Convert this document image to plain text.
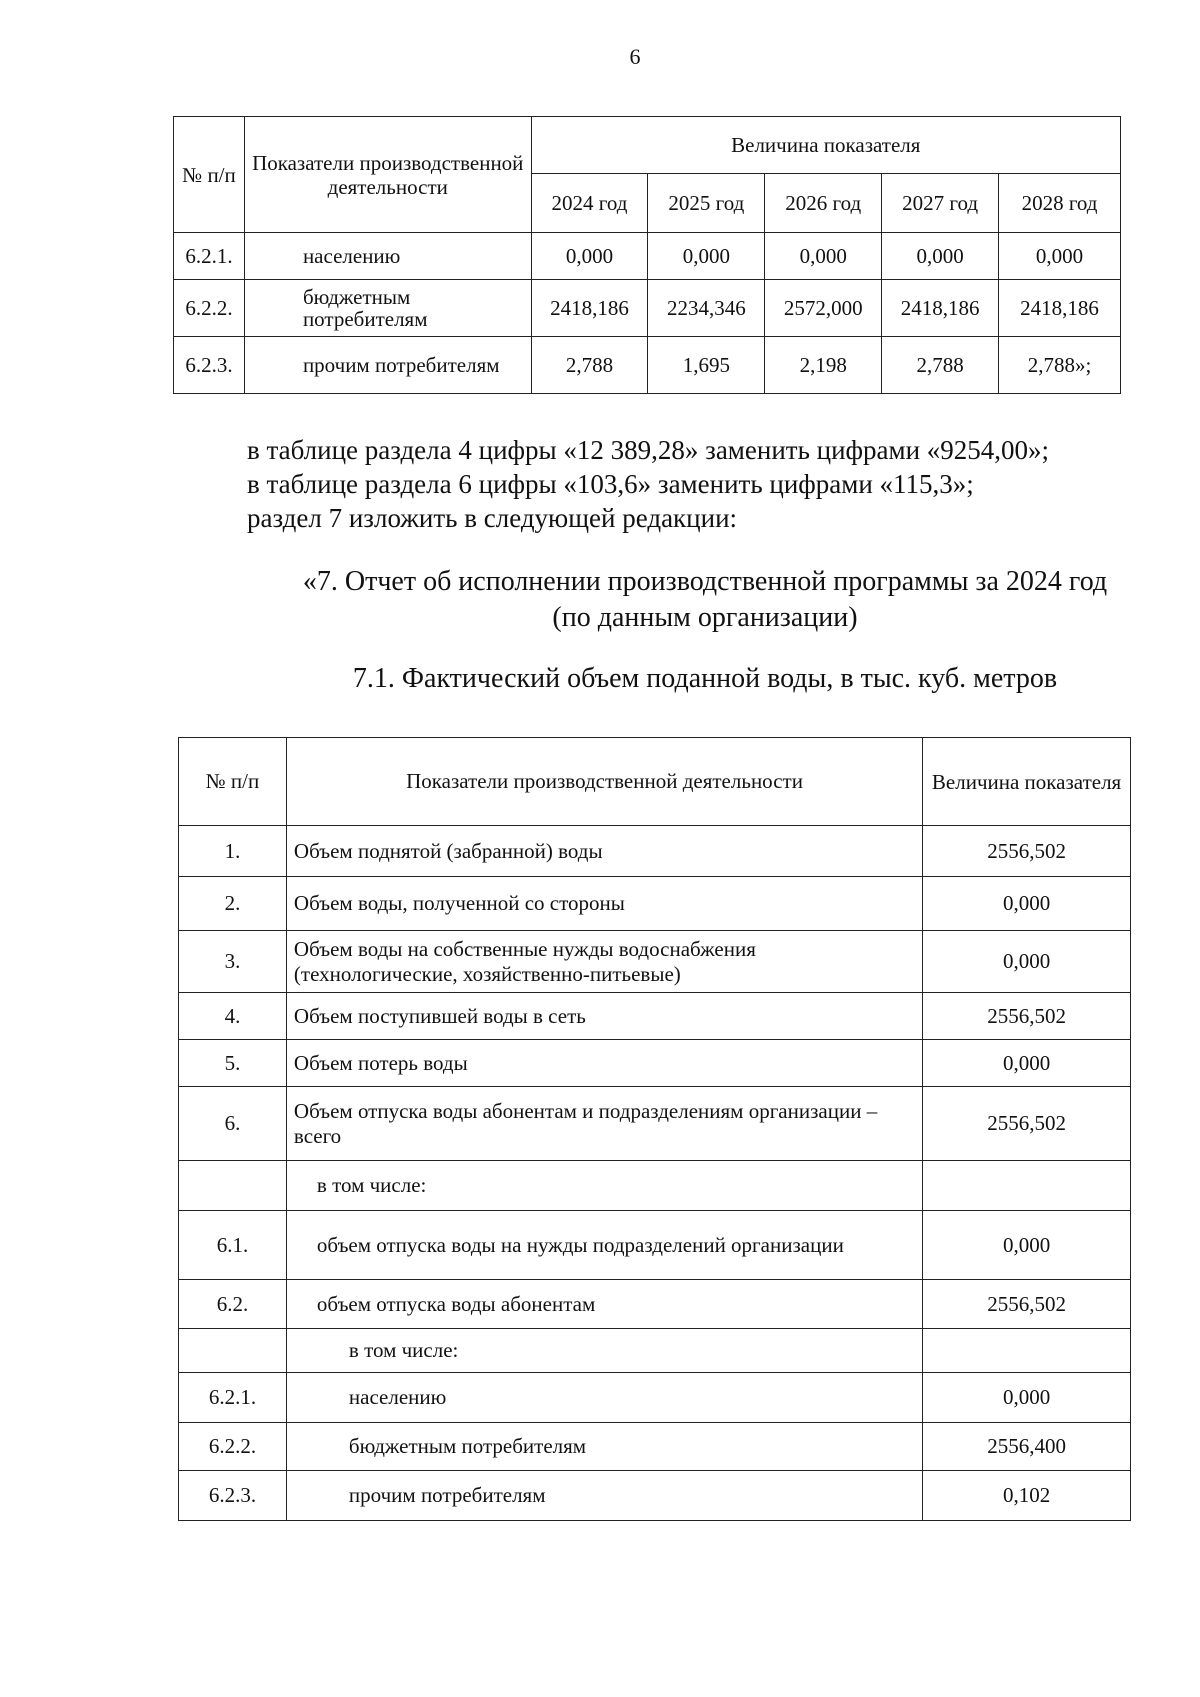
6
№ п/п	Показатели производственной деятельности	Величина показателя				
		2024 год	2025 год	2026 год	2027 год	2028 год
6.2.1.	населению	0,000	0,000	0,000	0,000	0,000
6.2.2.	бюджетным потребителям	2418,186	2234,346	2572,000	2418,186	2418,186
6.2.3.	прочим потребителям	2,788	1,695	2,198	2,788	2,788»;
в таблице раздела 4 цифры «12 389,28» заменить цифрами «9254,00»;
в таблице раздела 6 цифры «103,6» заменить цифрами «115,3»;
раздел 7 изложить в следующей редакции:
«7. Отчет об исполнении производственной программы за 2024 год
(по данным организации)
7.1. Фактический объем поданной воды, в тыс. куб. метров
№ п/п	Показатели производственной деятельности	Величина показателя
1.	Объем поднятой (забранной) воды	2556,502
2.	Объем воды, полученной со стороны	0,000
3.	Объем воды на собственные нужды водоснабжения (технологические, хозяйственно-питьевые)	0,000
4.	Объем поступившей воды в сеть	2556,502
5.	Объем потерь воды	0,000
6.	Объем отпуска воды абонентам и подразделениям организации – всего	2556,502
	в том числе:	
6.1.	объем отпуска воды на нужды подразделений организации	0,000
6.2.	объем отпуска воды абонентам	2556,502
	в том числе:	
6.2.1.	населению	0,000
6.2.2.	бюджетным потребителям	2556,400
6.2.3.	прочим потребителям	0,102
